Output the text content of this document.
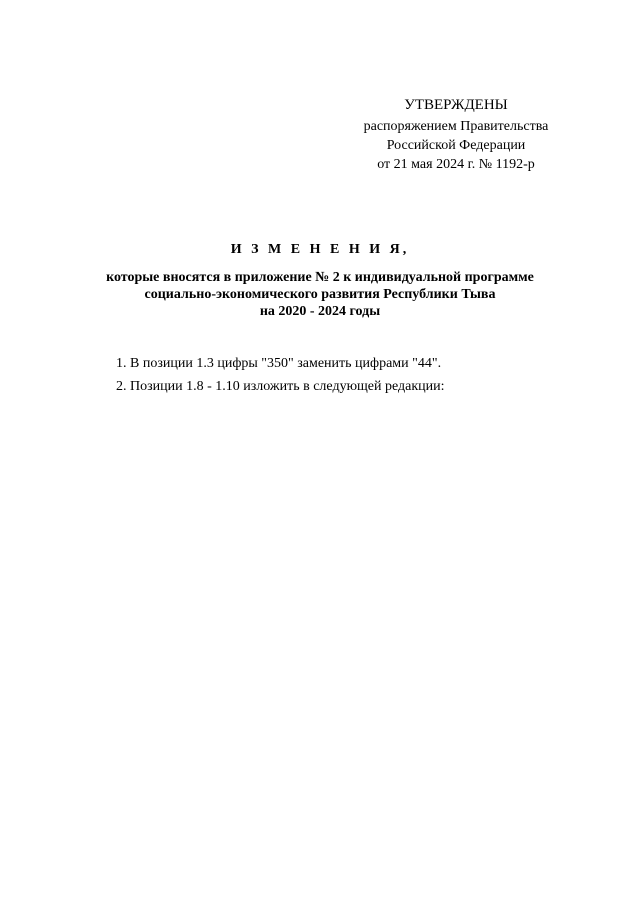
УТВЕРЖДЕНЫ
распоряжением Правительства
Российской Федерации
от 21 мая 2024 г. № 1192-р
И З М Е Н Е Н И Я,
которые вносятся в приложение № 2 к индивидуальной программе
социально-экономического развития Республики Тыва
на 2020 - 2024 годы
1. В позиции 1.3 цифры "350" заменить цифрами "44".
2. Позиции 1.8 - 1.10 изложить в следующей редакции:
